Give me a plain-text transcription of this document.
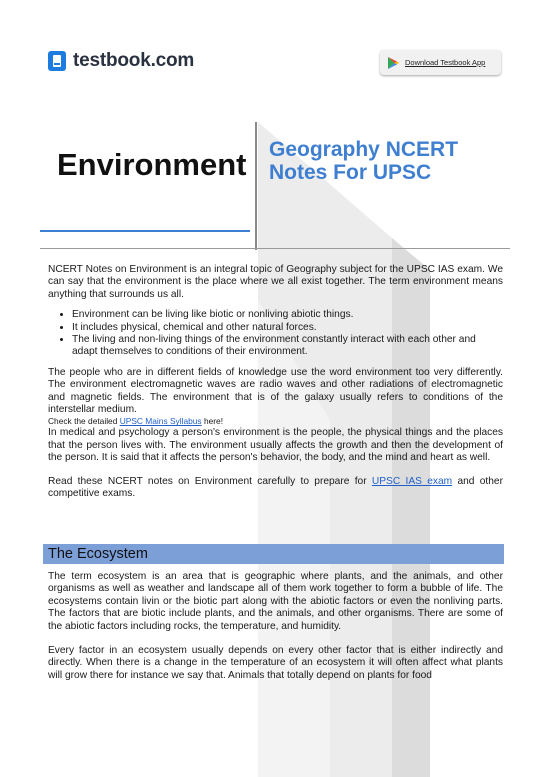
testbook.com	Download Testbook App
Environment Geography NCERT
Notes For UPSC

NCERT Notes on Environment is an integral topic of Geography subject for the UPSC IAS exam. We can say that the environment is the place where we all exist together. The term environment means anything that surrounds us all.

• Environment can be living like biotic or nonliving abiotic things.
• It includes physical, chemical and other natural forces.
• The living and non-living things of the environment constantly interact with each other and adapt themselves to conditions of their environment.

The people who are in different fields of knowledge use the word environment too very differently. The environment electromagnetic waves are radio waves and other radiations of electromagnetic and magnetic fields. The environment that is of the galaxy usually refers to conditions of the interstellar medium.

Check the detailed UPSC Mains Syllabus here!

In medical and psychology a person's environment is the people, the physical things and the places that the person lives with. The environment usually affects the growth and then the development of the person. It is said that it affects the person's behavior, the body, and the mind and heart as well.

Read these NCERT notes on Environment carefully to prepare for UPSC IAS exam and other competitive exams.

The Ecosystem

The term ecosystem is an area that is geographic where plants, and the animals, and other organisms as well as weather and landscape all of them work together to form a bubble of life. The ecosystems contain livin or the biotic part along with the abiotic factors or even the nonliving parts. The factors that are biotic include plants, and the animals, and other organisms. There are some of the abiotic factors including rocks, the temperature, and humidity.

Every factor in an ecosystem usually depends on every other factor that is either indirectly and directly. When there is a change in the temperature of an ecosystem it will often affect what plants will grow there for instance we say that. Animals that totally depend on plants for food
